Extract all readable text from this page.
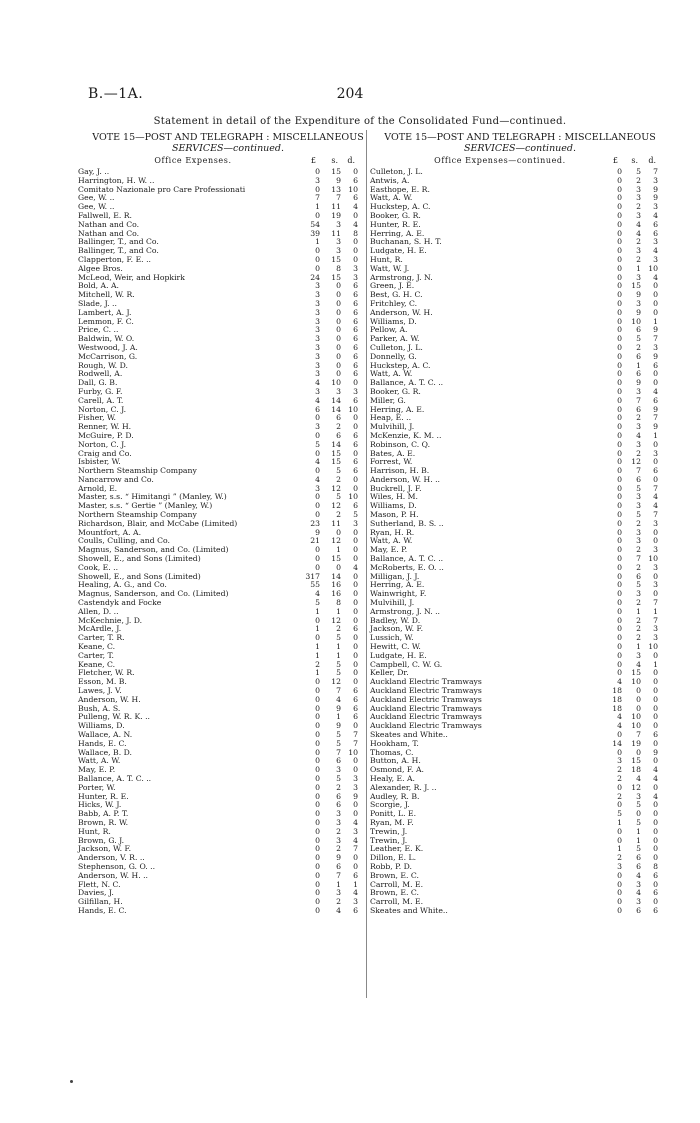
B.—1A.	204
Statement in detail of the Expenditure of the Consolidated Fund—continued.
VOTE 15—POST AND TELEGRAPH : MISCELLANEOUS
SERVICES—continued.
Office Expenses.	£ s. d.
Gay, J. ..	0	15	0
Harrington, H. W. ..	3	9	6
Comitato Nazionale pro Care Professionati	0	13 10
Gee, W. ..	7	7	6
Gee, W. ..	1	11	4
Fallwell, E. R.	0	19	0
Nathan and Co.	54	3	4
Nathan and Co.	39	11	8
Ballinger, T., and Co.	1	3	0
Ballinger, T., and Co.	0	3	0
Clapperton, F. E. ..	0	15	0
Algee Bros.	0	8	3
McLeod, Weir, and Hopkirk	24	15	3
Bold, A. A.	3	0	6
Mitchell, W. R.	3	0	6
Slade, J. ..	3	0	6
Lambert, A. J.	3	0	6
Lemmon, F. C.	3	0	6
Price, C. ..	3	0	6
Baldwin, W. O.	3	0	6
Westwood, J. A.	3	0	6
McCarrison, G.	3	0	6
Rough, W. D.	3	0	6
Rodwell, A.	3	0	6
Dall, G. B.	4	10	0
Furby, G. F.	3	3	3
Carell, A. T.	4	14	6
Norton, C. J.	6	14 10
Fisher, W.	0	6	0
Renner, W. H.	3	2	0
McGuire, P. D.	0	6	6
Norton, C. J.	5	14	6
Craig and Co.	0	15	0
Isbister, W.	4	15	6
Northern Steamship Company	0	5	6
Nancarrow and Co.	4	2	0
Arnold, E.	3	12	0
Master, s.s. “ Himitangi ” (Manley, W.)	0	5 10
Master, s.s. “ Gertie ” (Manley, W.)	0	12	6
Northern Steamship Company	0	2	5
Richardson, Blair, and McCabe (Limited)	23	11	3
Mountfort, A. A.	9	0	0
Coulls, Culling, and Co.	21	12	0
Magnus, Sanderson, and Co. (Limited)	0	1	0
Showell, E., and Sons (Limited)	0	15	0
Cook, E. ..	0	0	4
Showell, E., and Sons (Limited)	317	14	0
Healing, A. G., and Co.	55	16	0
Magnus, Sanderson, and Co. (Limited)	4	16	0
Castendyk and Focke	5	8	0
Allen, D. ..	1	1	0
McKechnie, J. D.	0	12	0
McArdle, J.	1	2	6
Carter, T. R.	0	5	0
Keane, C.	1	1	0
Carter, T.	1	1	0
Keane, C.	2	5	0
Fletcher, W. R.	1	5	0
Esson, M. B.	0	12	0
Lawes, J. V.	0	7	6
Anderson, W. H.	0	4	6
Bush, A. S.	0	9	6
Pulleng, W. R. K. ..	0	1	6
Williams, D.	0	9	0
Wallace, A. N.	0	5	7
Hands, E. C.	0	5	7
Wallace, B. D.	0	7 10
Watt, A. W.	0	6	0
May, E. P.	0	3	0
Ballance, A. T. C. ..	0	5	3
Porter, W.	0	2	3
Hunter, R. E.	0	6	9
Hicks, W. J.	0	6	0
Babb, A. P. T.	0	3	0
Brown, R. W.	0	3	4
Hunt, R.	0	2	3
Brown, G. J.	0	3	4
Jackson, W. F.	0	2	7
Anderson, V. R. ..	0	9	0
Stephenson, G. O. ..	0	6	0
Anderson, W. H. ..	0	7	6
Flett, N. C.	0	1	1
Davies, J.	0	3	4
Gilfillan, H.	0	2	3
Hands, E. C.	0	4	6
VOTE 15—POST AND TELEGRAPH : MISCELLANEOUS
SERVICES—continued.
Office Expenses—continued.	£ s. d.
Culleton, J. L.	0	5	7
Antwis, A.	0	2	3
Easthope, E. R.	0	3	9
Watt, A. W.	0	3	9
Huckstep, A. C.	0	2	3
Booker, G. R.	0	3	4
Hunter, R. E.	0	4	6
Herring, A. E.	0	4	6
Buchanan, S. H. T.	0	2	3
Ludgate, H. E.	0	3	4
Hunt, R.	0	2	3
Watt, W. J.	0	1 10
Armstrong, J. N.	0	3	4
Green, J. E.	0	15	0
Best, G. H. C.	0	9	0
Fritchley, C.	0	3	0
Anderson, W. H.	0	9	0
Williams, D.	0	10	1
Pellow, A.	0	6	9
Parker, A. W.	0	5	7
Culleton, J. L.	0	2	3
Donnelly, G.	0	6	9
Huckstep, A. C.	0	1	6
Watt, A. W.	0	6	0
Ballance, A. T. C. ..	0	9	0
Booker, G. R.	0	3	4
Miller, G.	0	7	6
Herring, A. E.	0	6	9
Heap, E. ..	0	2	7
Mulvihill, J.	0	3	9
McKenzie, K. M. ..	0	4	1
Robinson, C. Q.	0	3	0
Bates, A. E.	0	2	3
Forrest, W.	0	12	0
Harrison, H. B.	0	7	6
Anderson, W. H. ..	0	6	0
Buckrell, J. F.	0	5	7
Wiles, H. M.	0	3	4
Williams, D.	0	3	4
Mason, P. H.	0	5	7
Sutherland, B. S. ..	0	2	3
Ryan, H. R.	0	3	0
Watt, A. W.	0	3	0
May, E. P.	0	2	3
Ballance, A. T. C. ..	0	7 10
McRoberts, E. O. ..	0	2	3
Milligan, J. J.	0	6	0
Herring, A. E.	0	5	3
Wainwright, F.	0	3	0
Mulvihill, J.	0	2	7
Armstrong, J. N. ..	0	1	1
Badley, W. D.	0	2	7
Jackson, W. F.	0	2	3
Lussich, W.	0	2	3
Hewitt, C. W.	0	1 10
Ludgate, H. E.	0	3	0
Campbell, C. W. G.	0	4	1
Keller, Dr.	0	15	0
Auckland Electric Tramways	4	10	0
Auckland Electric Tramways	18	0	0
Auckland Electric Tramways	18	0	0
Auckland Electric Tramways	18	0	0
Auckland Electric Tramways	4	10	0
Auckland Electric Tramways	4	10	0
Skeates and White..	0	7	6
Hookham, T.	14	19	0
Thomas, C.	0	0	9
Button, A. H.	3	15	0
Osmond, F. A.	2	18	4
Healy, E. A.	2	4	4
Alexander, R. J. ..	0	12	0
Audley, R. B.	2	3	4
Scorgie, J.	0	5	0
Ponitt, L. E.	5	0	0
Ryan, M. F.	1	5	0
Trewin, J.	0	1	0
Trewin, J.	0	1	0
Leather, E. K.	1	5	0
Dillon, E. L.	2	6	0
Robb, P. D.	3	6	8
Brown, E. C.	0	4	6
Carroll, M. E.	0	3	0
Brown, E. C.	0	4	6
Carroll, M. E.	0	3	0
Skeates and White..	0	6	6
